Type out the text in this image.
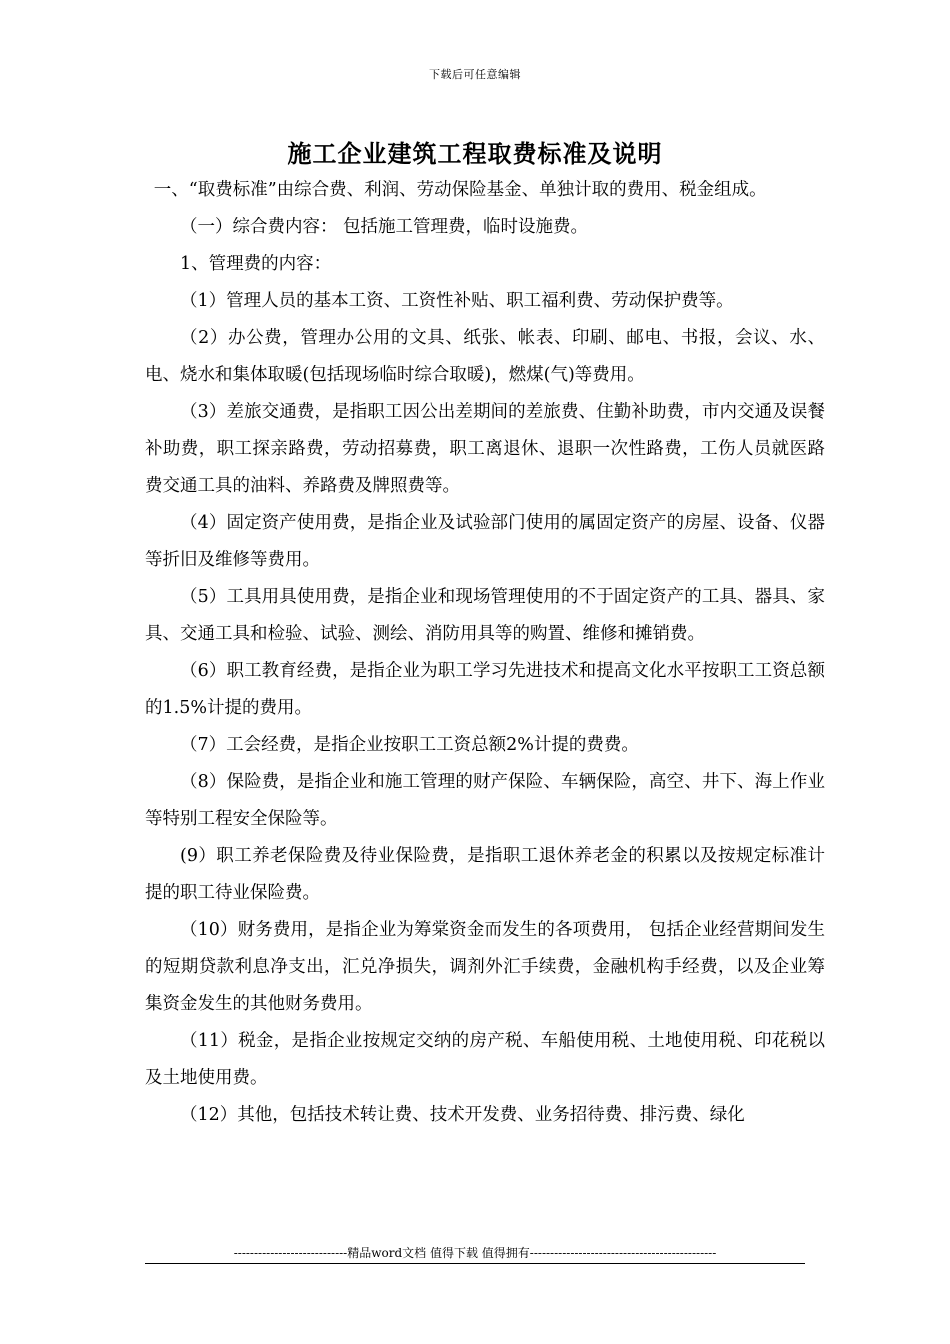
下载后可任意编辑
施工企业建筑工程取费标准及说明

一、“取费标准”由综合费、利润、劳动保险基金、单独计取的费用、税金组成。

（一）综合费内容： 包括施工管理费，临时设施费。

1、管理费的内容：

（1）管理人员的基本工资、工资性补贴、职工福利费、劳动保护费等。

（2）办公费，管理办公用的文具、纸张、帐表、印刷、邮电、书报，会议、水、电、烧水和集体取暖(包括现场临时综合取暖)，燃煤(气)等费用。

（3）差旅交通费，是指职工因公出差期间的差旅费、住勤补助费，市内交通及误餐补助费，职工探亲路费，劳动招募费，职工离退休、退职一次性路费，工伤人员就医路费交通工具的油料、养路费及牌照费等。

（4）固定资产使用费，是指企业及试验部门使用的属固定资产的房屋、设备、仪器等折旧及维修等费用。

（5）工具用具使用费，是指企业和现场管理使用的不于固定资产的工具、器具、家具、交通工具和检验、试验、测绘、消防用具等的购置、维修和摊销费。

（6）职工教育经费，是指企业为职工学习先进技术和提高文化水平按职工工资总额的1.5%计提的费用。

（7）工会经费，是指企业按职工工资总额2%计提的费费。

（8）保险费，是指企业和施工管理的财产保险、车辆保险，高空、井下、海上作业等特别工程安全保险等。

(9）职工养老保险费及待业保险费，是指职工退休养老金的积累以及按规定标准计提的职工待业保险费。

（10）财务费用，是指企业为筹棠资金而发生的各项费用， 包括企业经营期间发生的短期贷款利息净支出，汇兑净损失，调剂外汇手续费，金融机构手经费，以及企业筹集资金发生的其他财务费用。

（11）税金，是指企业按规定交纳的房产税、车船使用税、土地使用税、印花税以及土地使用费。

（12）其他，包括技术转让费、技术开发费、业务招待费、排污费、绿化

----------------------------精品word文档 值得下载 值得拥有----------------------------------------------
